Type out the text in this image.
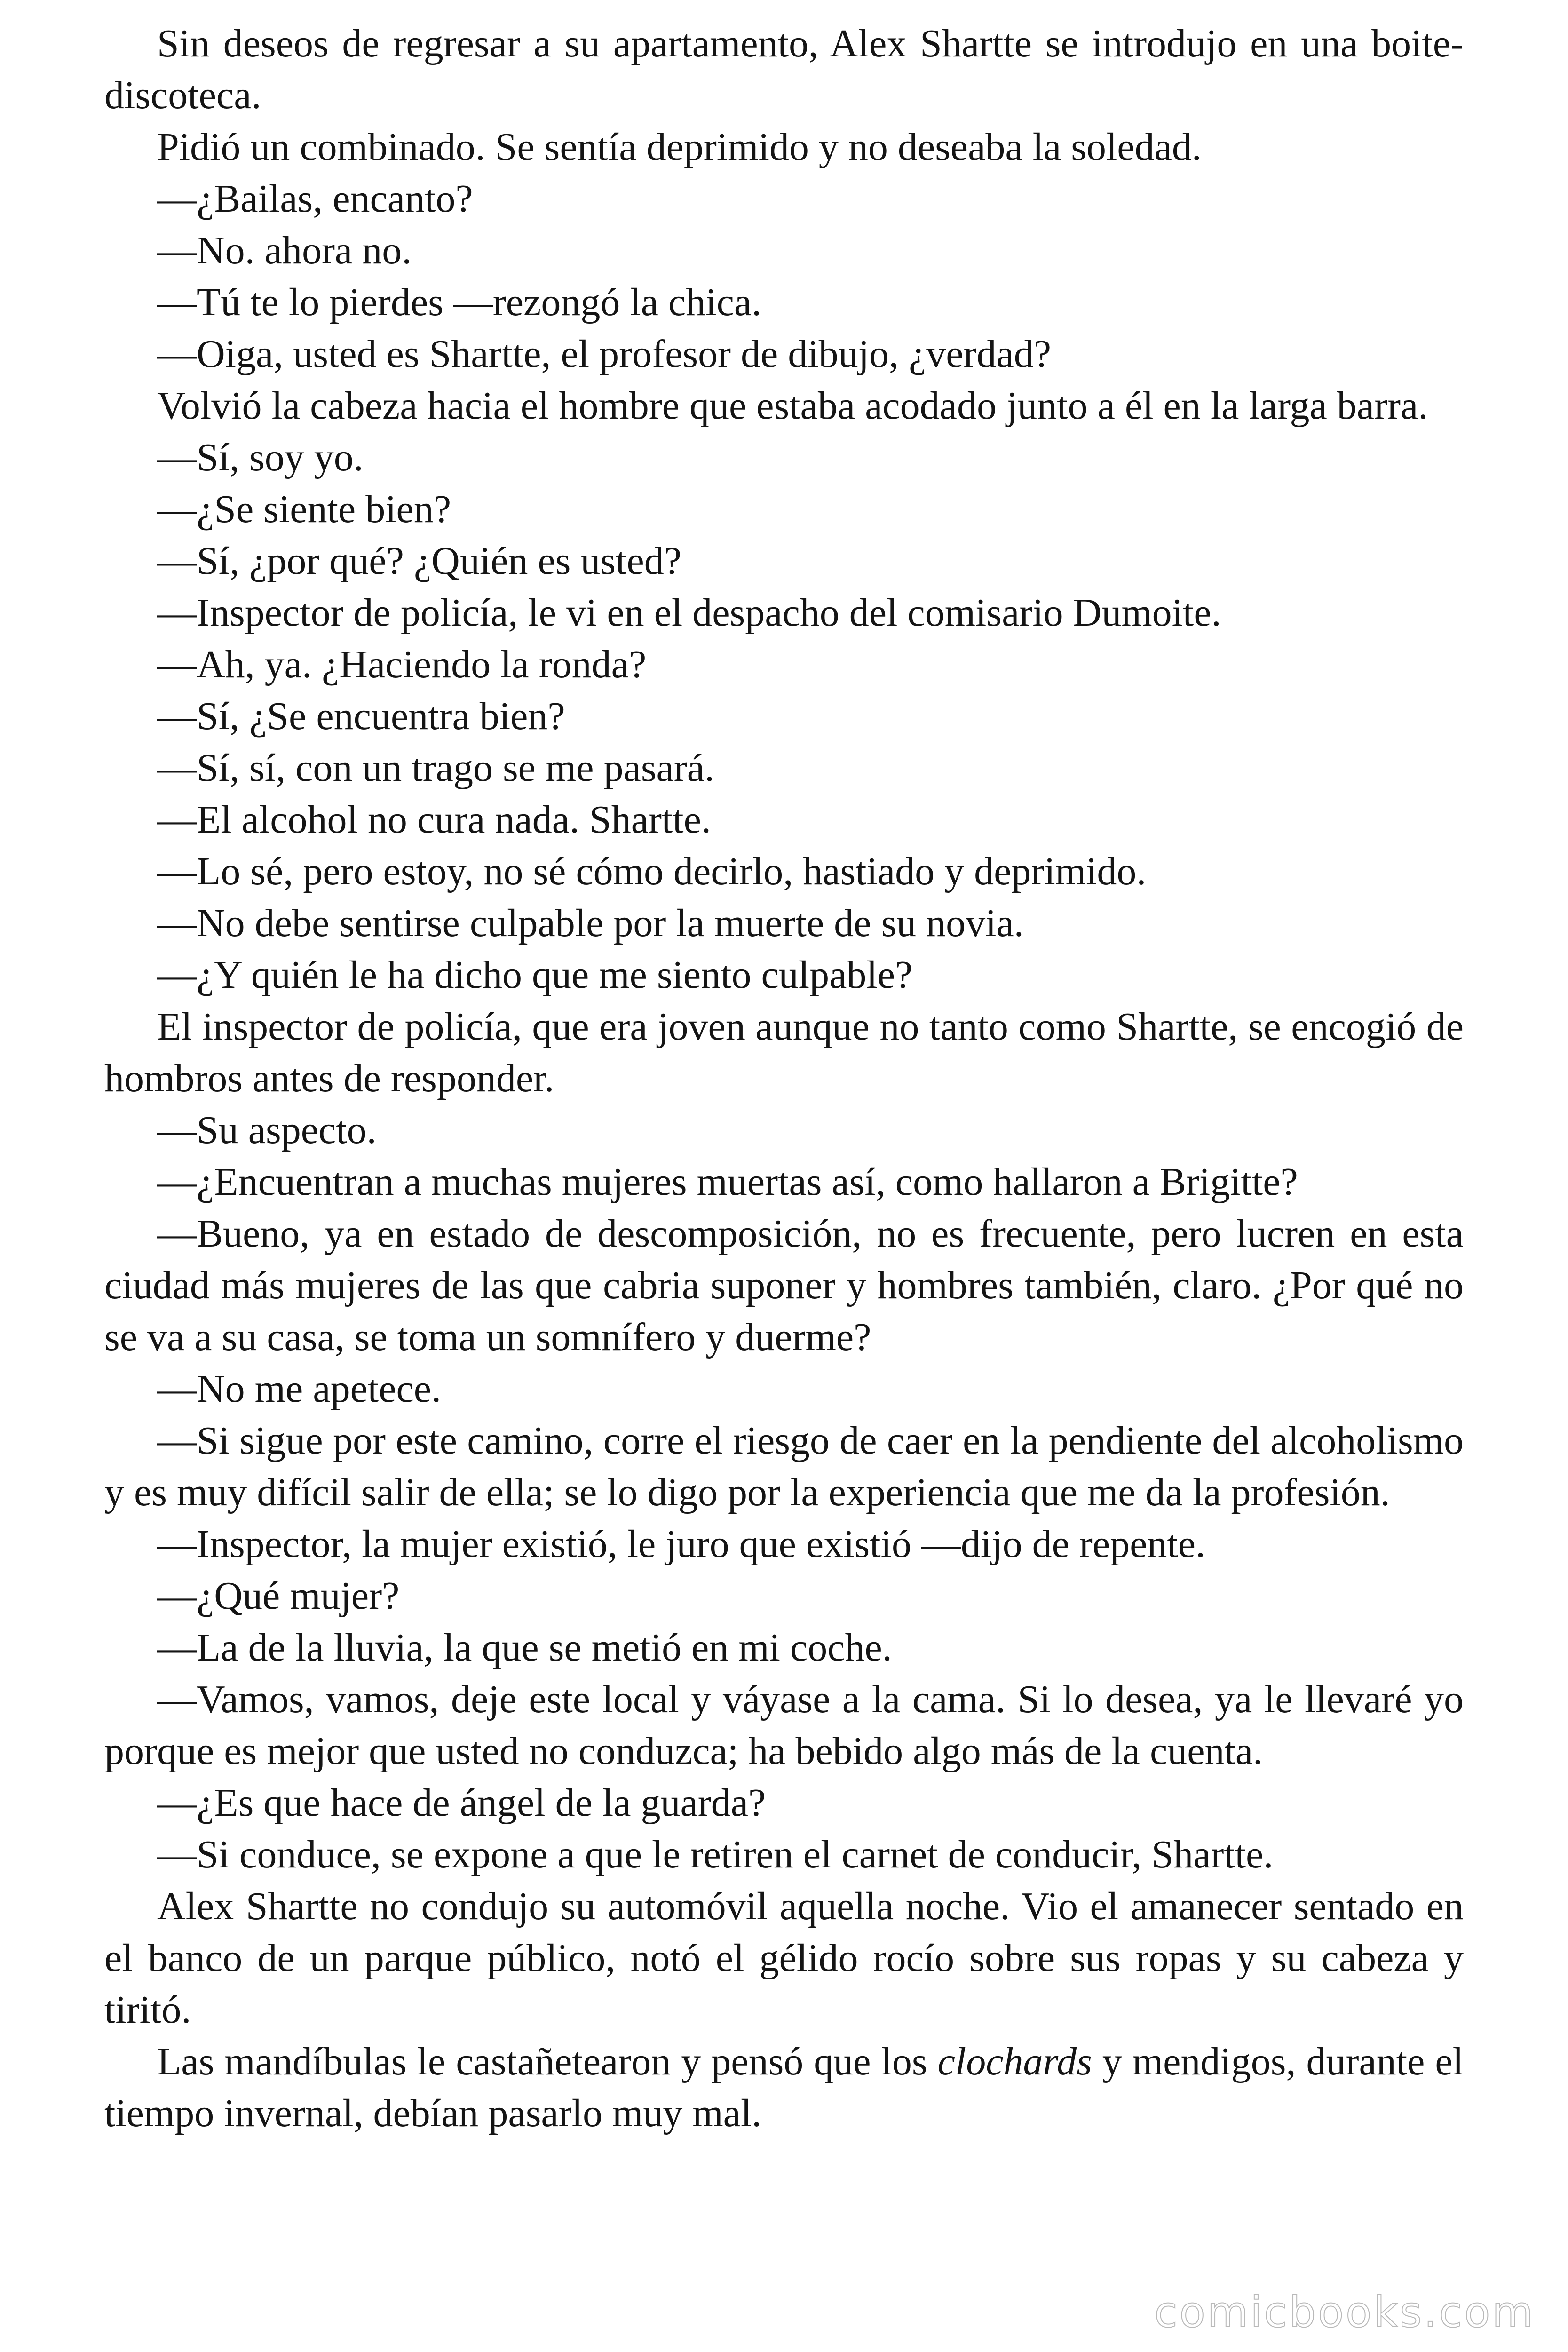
Sin deseos de regresar a su apartamento, Alex Shartte se introdujo en una boite-discoteca.

Pidió un combinado. Se sentía deprimido y no deseaba la soledad.

—¿Bailas, encanto?

—No. ahora no.

—Tú te lo pierdes —rezongó la chica.

—Oiga, usted es Shartte, el profesor de dibujo, ¿verdad?

Volvió la cabeza hacia el hombre que estaba acodado junto a él en la larga barra.

—Sí, soy yo.

—¿Se siente bien?

—Sí, ¿por qué? ¿Quién es usted?

—Inspector de policía, le vi en el despacho del comisario Dumoite.

—Ah, ya. ¿Haciendo la ronda?

—Sí, ¿Se encuentra bien?

—Sí, sí, con un trago se me pasará.

—El alcohol no cura nada. Shartte.

—Lo sé, pero estoy, no sé cómo decirlo, hastiado y deprimido.

—No debe sentirse culpable por la muerte de su novia.

—¿Y quién le ha dicho que me siento culpable?

El inspector de policía, que era joven aunque no tanto como Shartte, se encogió de hombros antes de responder.

—Su aspecto.

—¿Encuentran a muchas mujeres muertas así, como hallaron a Brigitte?

—Bueno, ya en estado de descomposición, no es frecuente, pero lucren en esta ciudad más mujeres de las que cabria suponer y hombres también, claro. ¿Por qué no se va a su casa, se toma un somnífero y duerme?

—No me apetece.

—Si sigue por este camino, corre el riesgo de caer en la pendiente del alcoholismo y es muy difícil salir de ella; se lo digo por la experiencia que me da la profesión.

—Inspector, la mujer existió, le juro que existió —dijo de repente.

—¿Qué mujer?

—La de la lluvia, la que se metió en mi coche.

—Vamos, vamos, deje este local y váyase a la cama. Si lo desea, ya le llevaré yo porque es mejor que usted no conduzca; ha bebido algo más de la cuenta.

—¿Es que hace de ángel de la guarda?

—Si conduce, se expone a que le retiren el carnet de conducir, Shartte.

Alex Shartte no condujo su automóvil aquella noche. Vio el amanecer sentado en el banco de un parque público, notó el gélido rocío sobre sus ropas y su cabeza y tiritó.

Las mandíbulas le castañetearon y pensó que los clochards y mendigos, durante el tiempo invernal, debían pasarlo muy mal.

comicbooks.com
